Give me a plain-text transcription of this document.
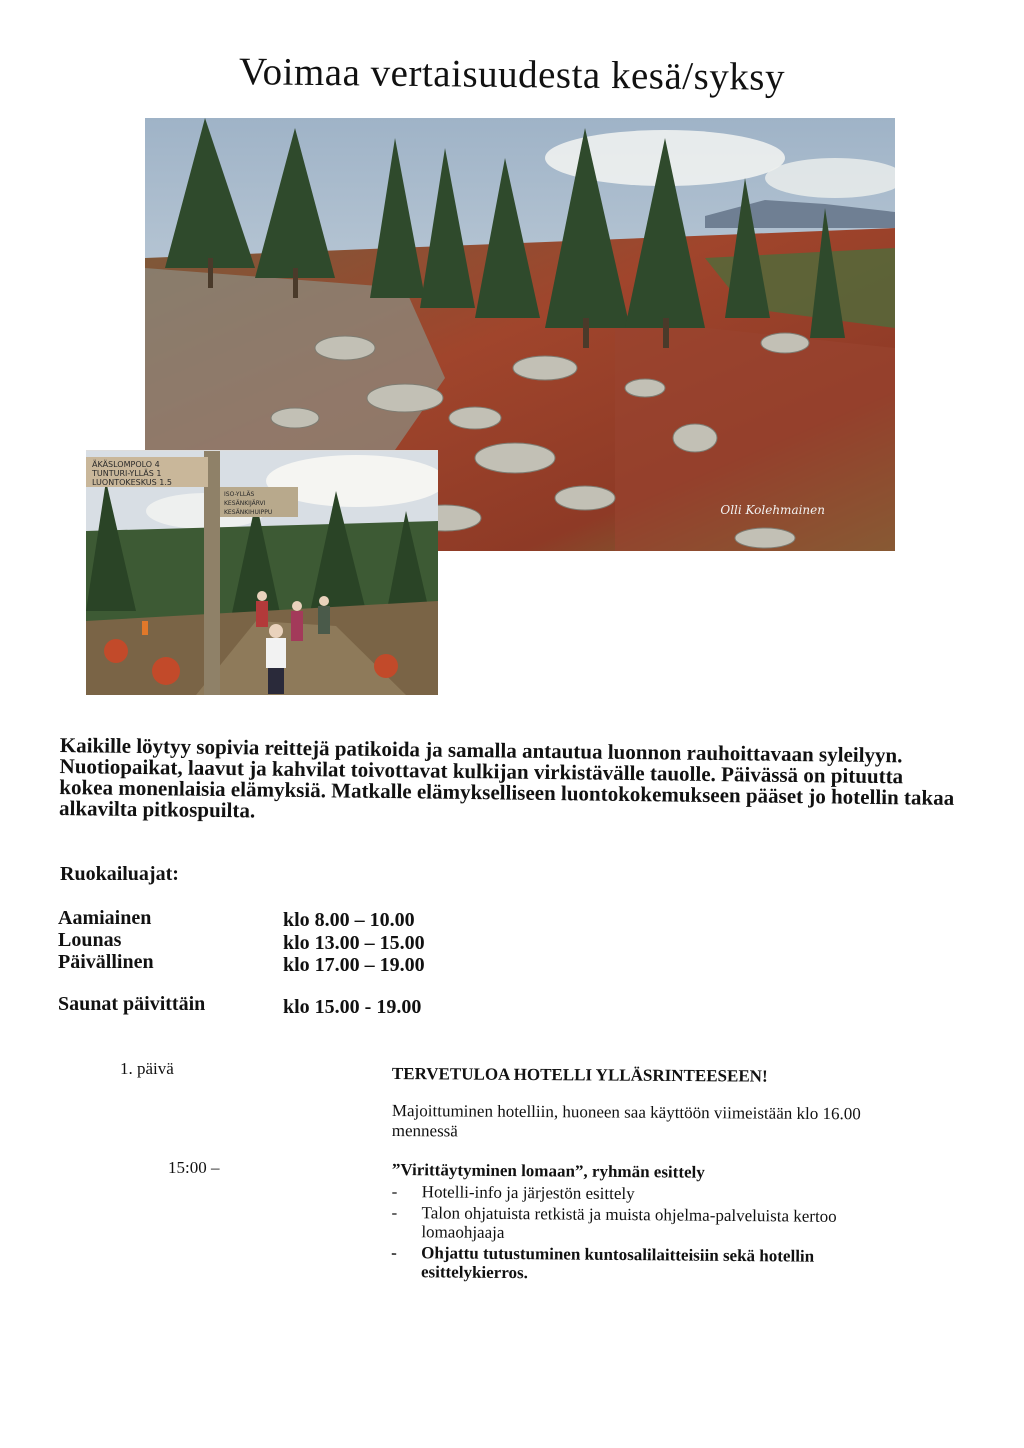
Voimaa vertaisuudesta kesä/syksy
Olli Kolehmainen
ÄKÄSLOMPOLO 4
TUNTURI-YLLÄS 1
LUONTOKESKUS 1.5
ISO-YLLÄS
KESÄNKIJÄRVI
KESÄNKIHUIPPU

Kaikille löytyy sopivia reittejä patikoida ja samalla antautua luonnon rauhoittavaan syleilyyn. Nuotiopaikat, laavut ja kahvilat toivottavat kulkijan virkistävälle tauolle. Päivässä on pituutta kokea monenlaisia elämyksiä. Matkalle elämykselliseen luontokokemukseen pääset jo hotellin takaa alkavilta pitkospuilta.

Ruokailuajat:
Aamiainen	klo 8.00 – 10.00
Lounas	klo 13.00 – 15.00
Päivällinen	klo 17.00 – 19.00
Saunat päivittäin	klo 15.00 - 19.00
1. päivä	TERVETULOA HOTELLI YLLÄSRINTEESEEN!
Majoittuminen hotelliin, huoneen saa käyttöön viimeistään klo 16.00 mennessä
15:00 –	”Virittäytyminen lomaan”, ryhmän esittely

- Hotelli-info ja järjestön esittely
- Talon ohjatuista retkistä ja muista ohjelma-palveluista kertoo lomaohjaaja
- Ohjattu tutustuminen kuntosalilaitteisiin sekä hotellin esittelykierros.
